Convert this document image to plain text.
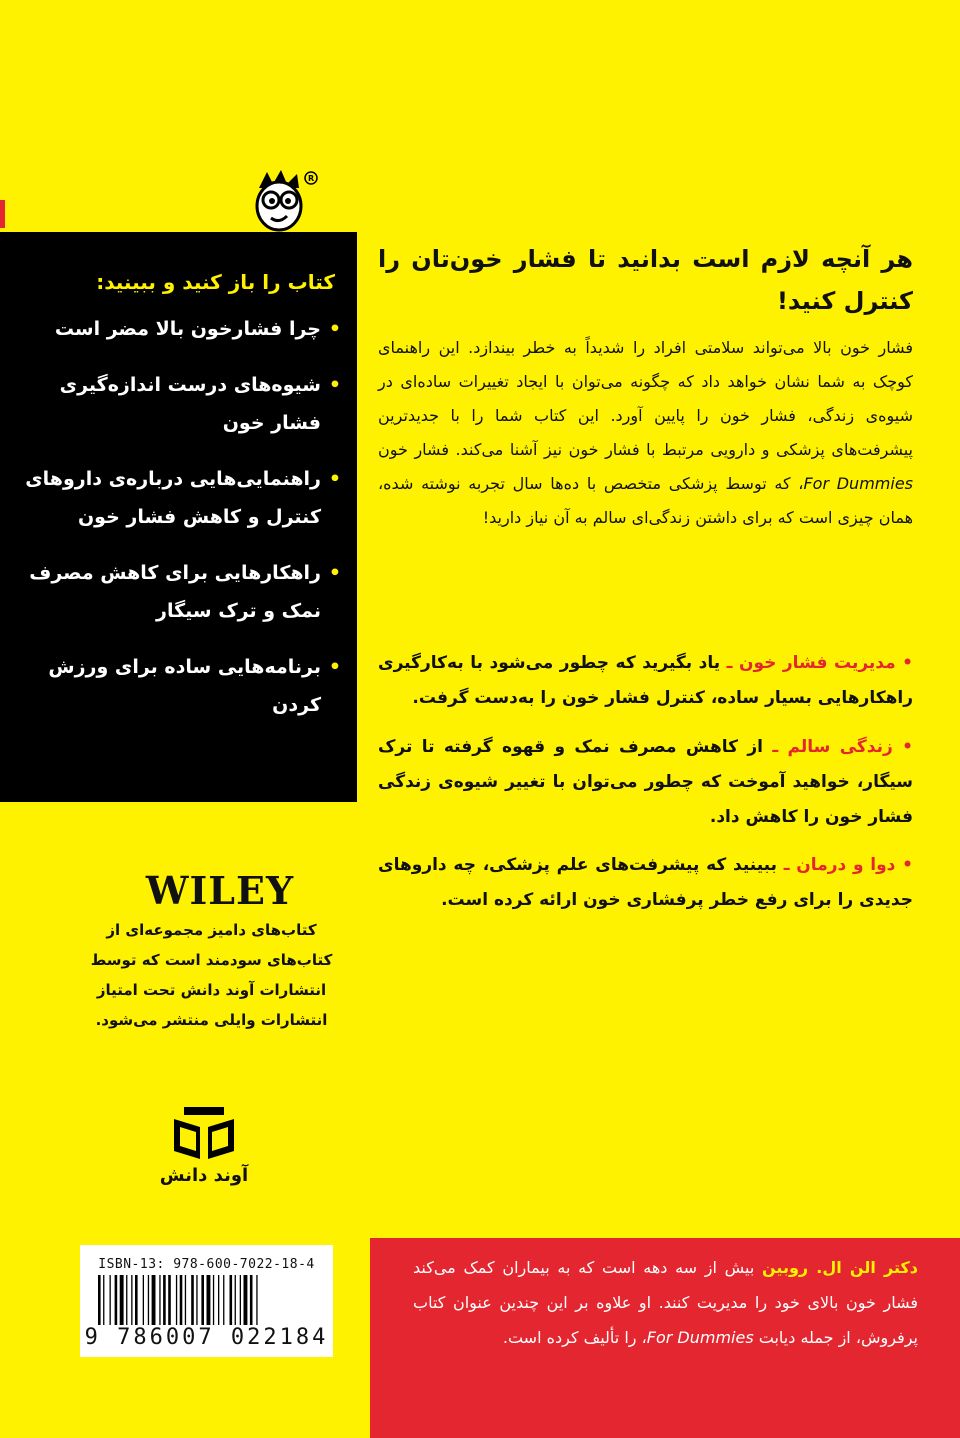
R
کتاب را باز کنید و ببینید:
•
چرا فشارخون بالا مضر است
•
شیوه‌های درست اندازه‌گیری فشار خون
•
راهنمایی‌هایی درباره‌ی داروهای کنترل و کاهش فشار خون
•
راهکارهایی برای کاهش مصرف نمک و ترک سیگار
•
برنامه‌هایی ساده برای ورزش کردن
هر آنچه لازم است بدانید تا فشار خون‌تان را کنترل کنید!
فشار خون بالا می‌تواند سلامتی افراد را شدیداً به خطر بیندازد. این راهنمای کوچک به شما نشان خواهد داد که چگونه می‌توان با ایجاد تغییرات ساده‌ای در شیوه‌ی زندگی، فشار خون را پایین آورد. این کتاب شما را با جدیدترین پیشرفت‌های پزشکی و دارویی مرتبط با فشار خون نیز آشنا می‌کند. فشار خون For Dummies، که توسط پزشکی متخصص با ده‌ها سال تجربه نوشته شده، همان چیزی است که برای داشتن زندگی‌ای سالم به آن نیاز دارید!
• مدیریت فشار خون ـ یاد بگیرید که چطور می‌شود با به‌کارگیری راهکارهایی بسیار ساده، کنترل فشار خون را به‌دست گرفت.
• زندگی سالم ـ از کاهش مصرف نمک و قهوه گرفته تا ترک سیگار، خواهید آموخت که چطور می‌توان با تغییر شیوه‌ی زندگی فشار خون را کاهش داد.
• دوا و درمان ـ ببینید که پیشرفت‌های علم پزشکی، چه داروهای جدیدی را برای رفع خطر پرفشاری خون ارائه کرده است.
WILEY
کتاب‌های دامیز مجموعه‌ای از کتاب‌های سودمند است که توسط انتشارات آوند دانش تحت امتیاز انتشارات وایلی منتشر می‌شود.
آوند دانش
ISBN-13: 978-600-7022-18-4
9 786007 022184
دکتر الن ال. روبین بیش از سه دهه است که به بیماران کمک می‌کند فشار خون بالای خود را مدیریت کنند. او علاوه بر این چندین عنوان کتاب پرفروش، از جمله دیابت For Dummies، را تألیف کرده است.
